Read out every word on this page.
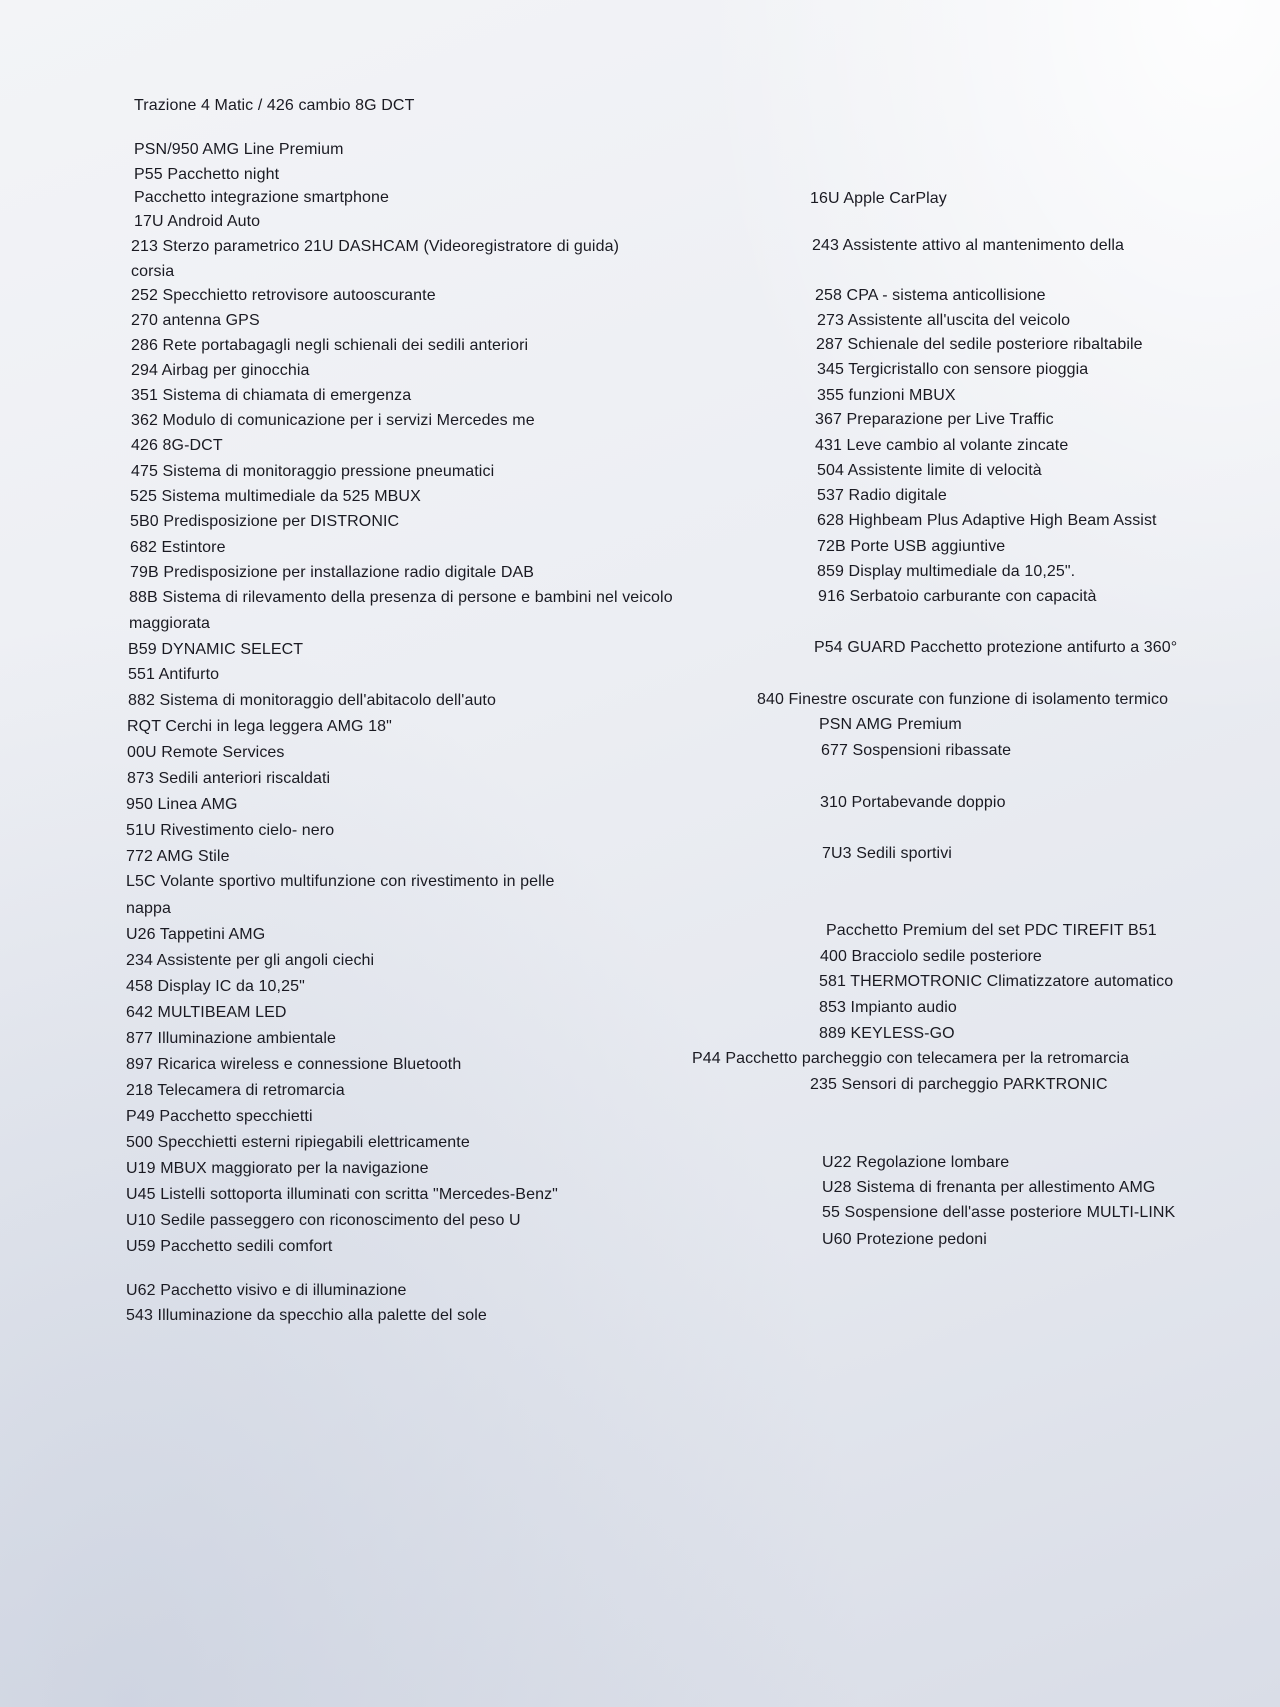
Trazione 4 Matic / 426 cambio 8G DCT
PSN/950 AMG Line Premium
P55 Pacchetto night
Pacchetto integrazione smartphone
17U Android Auto
213 Sterzo parametrico 21U DASHCAM (Videoregistratore di guida)
corsia
252 Specchietto retrovisore autooscurante
270 antenna GPS
286 Rete portabagagli negli schienali dei sedili anteriori
294 Airbag per ginocchia
351 Sistema di chiamata di emergenza
362 Modulo di comunicazione per i servizi Mercedes me
426 8G-DCT
475 Sistema di monitoraggio pressione pneumatici
525 Sistema multimediale da 525 MBUX
5B0 Predisposizione per DISTRONIC
682 Estintore
79B Predisposizione per installazione radio digitale DAB
88B Sistema di rilevamento della presenza di persone e bambini nel veicolo
maggiorata
B59 DYNAMIC SELECT
551 Antifurto
882 Sistema di monitoraggio dell'abitacolo dell'auto
RQT Cerchi in lega leggera AMG 18"
00U Remote Services
873 Sedili anteriori riscaldati
950 Linea AMG
51U Rivestimento cielo- nero
772 AMG Stile
L5C Volante sportivo multifunzione con rivestimento in pelle
nappa
U26 Tappetini AMG
234 Assistente per gli angoli ciechi
458 Display IC da 10,25"
642 MULTIBEAM LED
877 Illuminazione ambientale
897 Ricarica wireless e connessione Bluetooth
218 Telecamera di retromarcia
P49 Pacchetto specchietti
500 Specchietti esterni ripiegabili elettricamente
U19 MBUX maggiorato per la navigazione
U45 Listelli sottoporta illuminati con scritta "Mercedes-Benz"
U10 Sedile passeggero con riconoscimento del peso U
U59 Pacchetto sedili comfort
U62 Pacchetto visivo e di illuminazione
543 Illuminazione da specchio alla palette del sole
16U Apple CarPlay
243 Assistente attivo al mantenimento della
258 CPA - sistema anticollisione
273 Assistente all'uscita del veicolo
287 Schienale del sedile posteriore ribaltabile
345 Tergicristallo con sensore pioggia
355 funzioni MBUX
367 Preparazione per Live Traffic
431 Leve cambio al volante zincate
504 Assistente limite di velocità
537 Radio digitale
628 Highbeam Plus Adaptive High Beam Assist
72B Porte USB aggiuntive
859 Display multimediale da 10,25".
916 Serbatoio carburante con capacità
P54 GUARD Pacchetto protezione antifurto a 360°
840 Finestre oscurate con funzione di isolamento termico
PSN AMG Premium
677 Sospensioni ribassate
310 Portabevande doppio
7U3 Sedili sportivi
Pacchetto Premium del set PDC TIREFIT B51
400 Bracciolo sedile posteriore
581 THERMOTRONIC Climatizzatore automatico
853 Impianto audio
889 KEYLESS-GO
P44 Pacchetto parcheggio con telecamera per la retromarcia
235 Sensori di parcheggio PARKTRONIC
U22 Regolazione lombare
U28 Sistema di frenanta per allestimento AMG
55 Sospensione dell'asse posteriore MULTI-LINK
U60 Protezione pedoni
